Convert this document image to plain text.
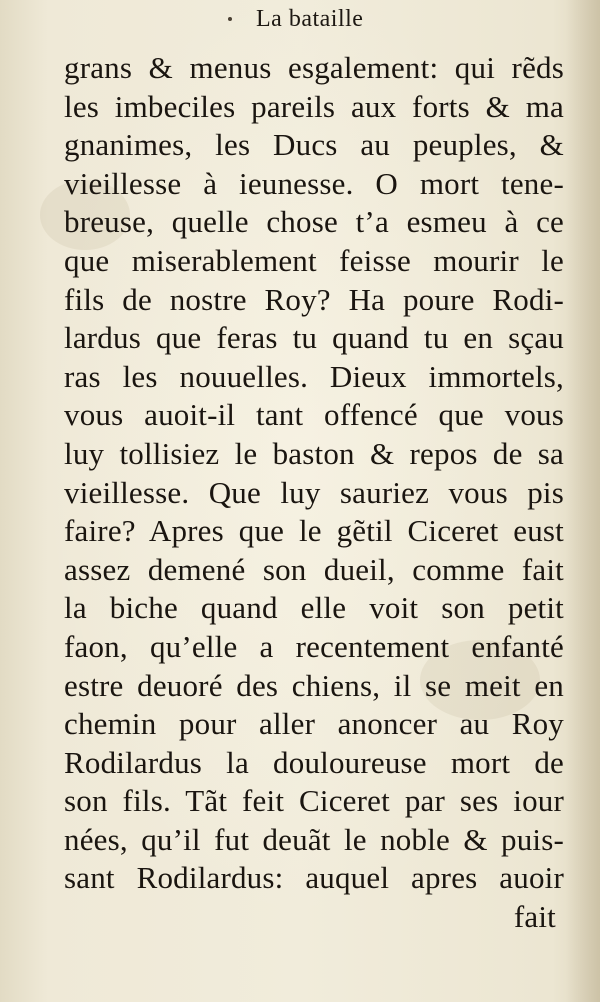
La bataille
grans & menus esgalement: qui rẽds
les imbeciles pareils aux forts & ma
gnanimes, les Ducs au peuples, &
vieillesse à ieunesse. O mort tene-
breuse, quelle chose t’a esmeu à ce
que miserablement feisse mourir le
fils de nostre Roy? Ha poure Rodi-
lardus que feras tu quand tu en sçau
ras les nouuelles. Dieux immortels,
vous auoit-il tant offencé que vous
luy tollisiez le baston & repos de sa
vieillesse. Que luy sauriez vous pis
faire? Apres que le gẽtil Ciceret eust
assez demené son dueil, comme fait
la biche quand elle voit son petit
faon, qu’elle a recentement enfanté
estre deuoré des chiens, il se meit en
chemin pour aller anoncer au Roy
Rodilardus la douloureuse mort de
son fils. Tãt feit Ciceret par ses iour
nées, qu’il fut deuãt le noble & puis-
sant Rodilardus: auquel apres auoir
fait
